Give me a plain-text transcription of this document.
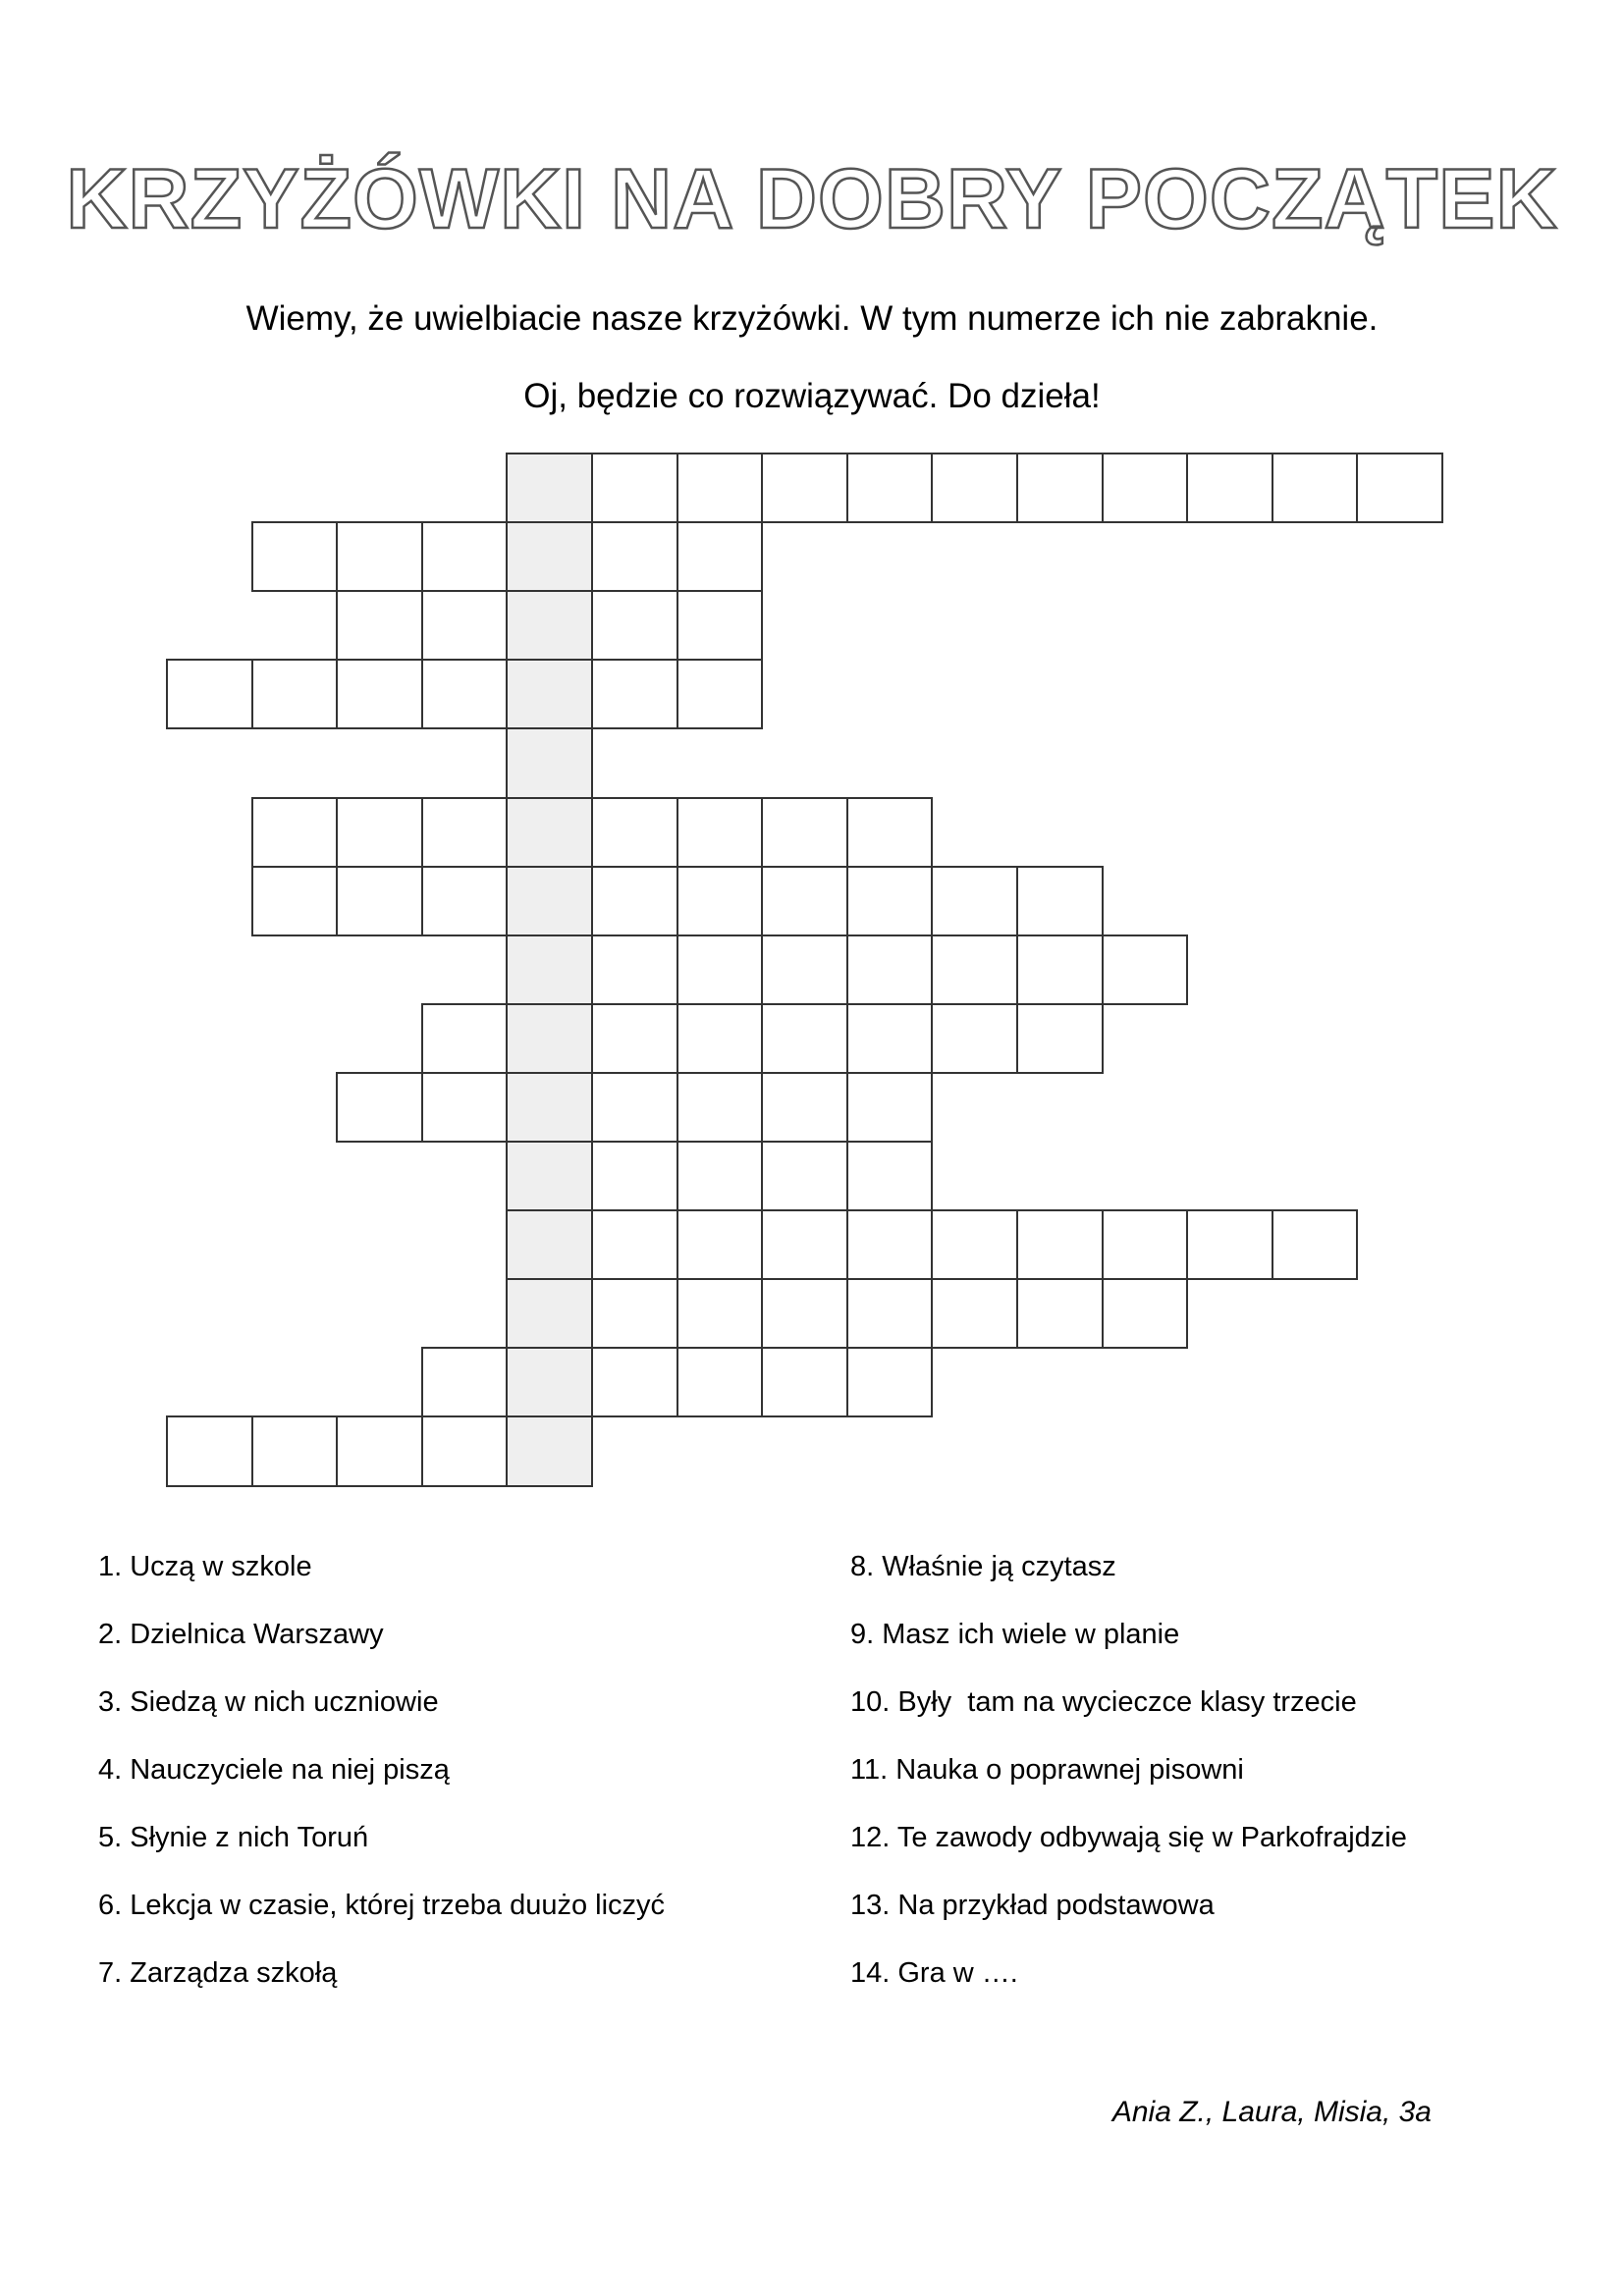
KRZYŻÓWKI NA DOBRY POCZĄTEK
Wiemy, że uwielbiacie nasze krzyżówki. W tym numerze ich nie zabraknie.
Oj, będzie co rozwiązywać. Do dzieła!
1. Uczą w szkole
2. Dzielnica Warszawy
3. Siedzą w nich uczniowie
4. Nauczyciele na niej piszą
5. Słynie z nich Toruń
6. Lekcja w czasie, której trzeba duużo liczyć
7. Zarządza szkołą
8. Właśnie ją czytasz
9. Masz ich wiele w planie
10. Były  tam na wycieczce klasy trzecie
11. Nauka o poprawnej pisowni
12. Te zawody odbywają się w Parkofrajdzie
13. Na przykład podstawowa
14. Gra w ….
Ania Z., Laura, Misia, 3a
